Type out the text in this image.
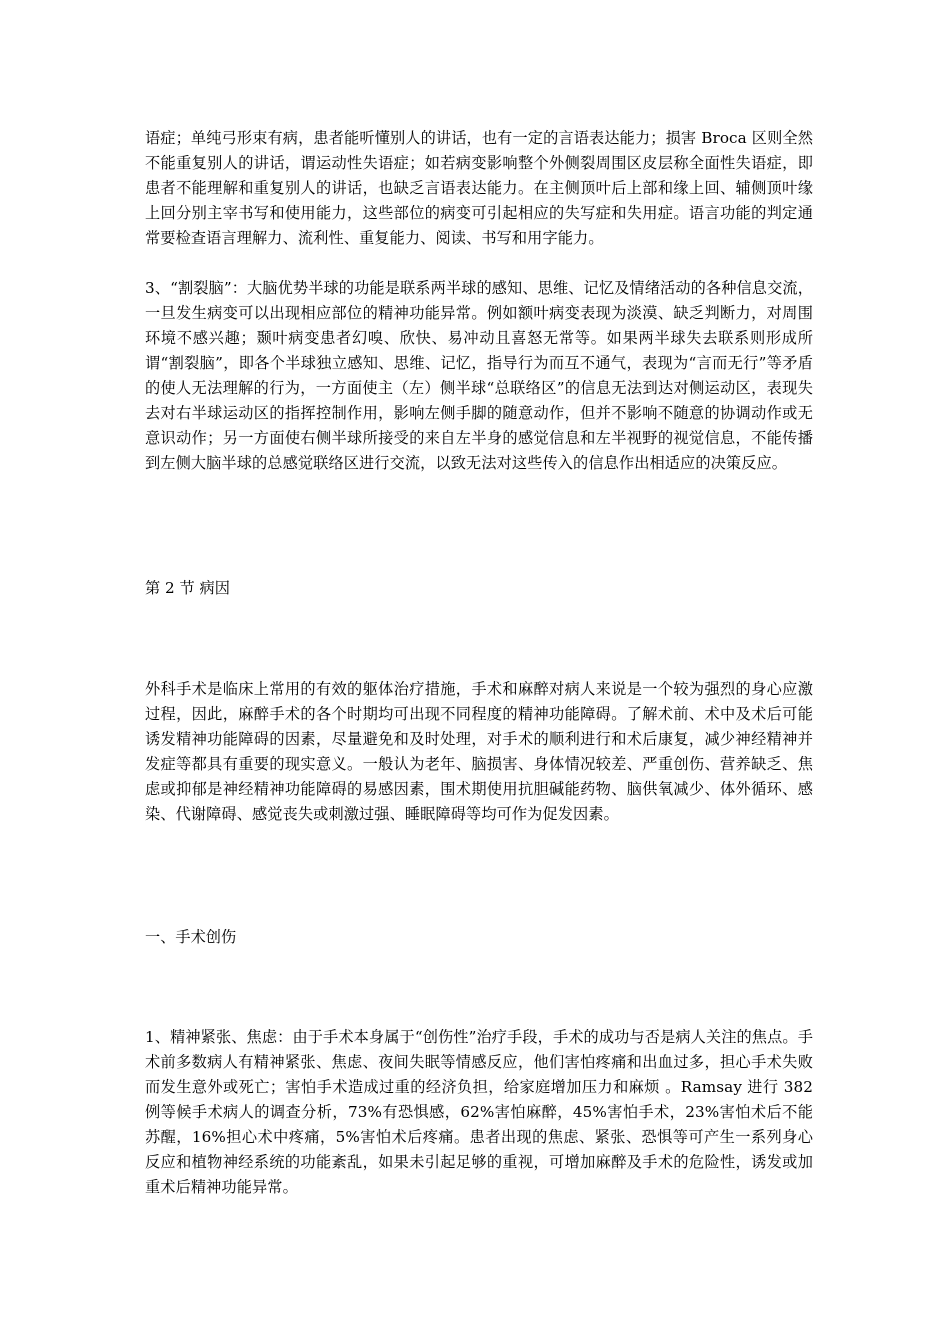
语症；单纯弓形束有病，患者能听懂别人的讲话，也有一定的言语表达能力；损害 Broca 区则全然不能重复别人的讲话，谓运动性失语症；如若病变影响整个外侧裂周围区皮层称全面性失语症，即患者不能理解和重复别人的讲话，也缺乏言语表达能力。在主侧顶叶后上部和缘上回、辅侧顶叶缘上回分别主宰书写和使用能力，这些部位的病变可引起相应的失写症和失用症。语言功能的判定通常要检查语言理解力、流利性、重复能力、阅读、书写和用字能力。

3、“割裂脑”：大脑优势半球的功能是联系两半球的感知、思维、记忆及情绪活动的各种信息交流，一旦发生病变可以出现相应部位的精神功能异常。例如额叶病变表现为淡漠、缺乏判断力，对周围环境不感兴趣；颞叶病变患者幻嗅、欣快、易冲动且喜怒无常等。如果两半球失去联系则形成所谓“割裂脑”，即各个半球独立感知、思维、记忆，指导行为而互不通气，表现为“言而无行”等矛盾的使人无法理解的行为，一方面使主（左）侧半球“总联络区”的信息无法到达对侧运动区，表现失去对右半球运动区的指挥控制作用，影响左侧手脚的随意动作，但并不影响不随意的协调动作或无意识动作；另一方面使右侧半球所接受的来自左半身的感觉信息和左半视野的视觉信息，不能传播到左侧大脑半球的总感觉联络区进行交流，以致无法对这些传入的信息作出相适应的决策反应。

第 2 节 病因

外科手术是临床上常用的有效的躯体治疗措施，手术和麻醉对病人来说是一个较为强烈的身心应激过程，因此，麻醉手术的各个时期均可出现不同程度的精神功能障碍。了解术前、术中及术后可能诱发精神功能障碍的因素，尽量避免和及时处理，对手术的顺利进行和术后康复，减少神经精神并发症等都具有重要的现实意义。一般认为老年、脑损害、身体情况较差、严重创伤、营养缺乏、焦虑或抑郁是神经精神功能障碍的易感因素，围术期使用抗胆碱能药物、脑供氧减少、体外循环、感染、代谢障碍、感觉丧失或刺激过强、睡眠障碍等均可作为促发因素。

一、手术创伤

1、精神紧张、焦虑：由于手术本身属于“创伤性”治疗手段，手术的成功与否是病人关注的焦点。手术前多数病人有精神紧张、焦虑、夜间失眠等情感反应，他们害怕疼痛和出血过多，担心手术失败而发生意外或死亡；害怕手术造成过重的经济负担，给家庭增加压力和麻烦 。Ramsay 进行 382 例等候手术病人的调查分析，73%有恐惧感，62%害怕麻醉，45%害怕手术，23%害怕术后不能苏醒，16%担心术中疼痛，5%害怕术后疼痛。患者出现的焦虑、紧张、恐惧等可产生一系列身心反应和植物神经系统的功能紊乱，如果未引起足够的重视，可增加麻醉及手术的危险性，诱发或加重术后精神功能异常。
